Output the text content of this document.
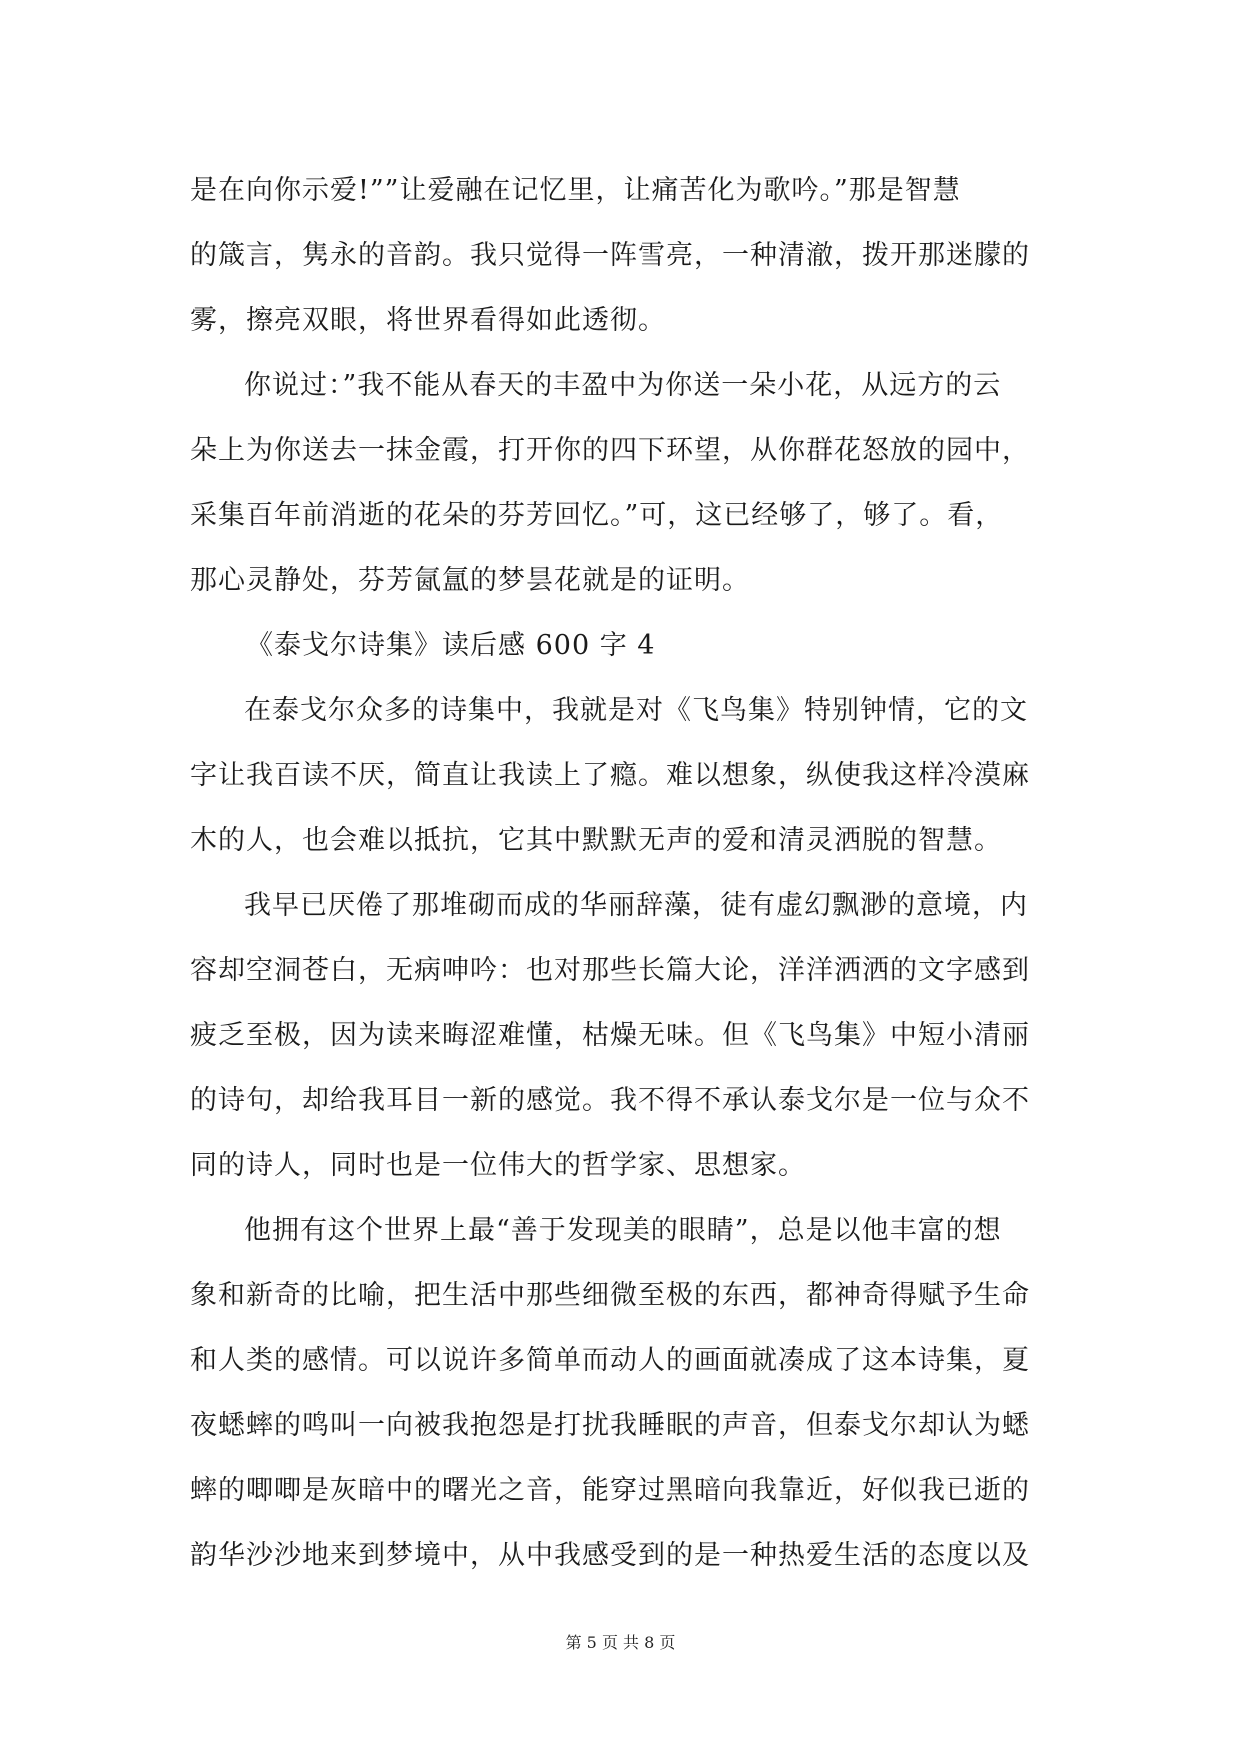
是在向你示爱!””让爱融在记忆里，让痛苦化为歌吟。”那是智慧
的箴言，隽永的音韵。我只觉得一阵雪亮，一种清澈，拨开那迷朦的
雾，擦亮双眼，将世界看得如此透彻。
你说过：”我不能从春天的丰盈中为你送一朵小花，从远方的云
朵上为你送去一抹金霞，打开你的四下环望，从你群花怒放的园中，
采集百年前消逝的花朵的芬芳回忆。”可，这已经够了，够了。看，
那心灵静处，芬芳氤氲的梦昙花就是的证明。
《泰戈尔诗集》读后感 600 字 4
在泰戈尔众多的诗集中，我就是对《飞鸟集》特别钟情，它的文
字让我百读不厌，简直让我读上了瘾。难以想象，纵使我这样冷漠麻
木的人，也会难以抵抗，它其中默默无声的爱和清灵洒脱的智慧。
我早已厌倦了那堆砌而成的华丽辞藻，徒有虚幻飘渺的意境，内
容却空洞苍白，无病呻吟：也对那些长篇大论，洋洋洒洒的文字感到
疲乏至极，因为读来晦涩难懂，枯燥无味。但《飞鸟集》中短小清丽
的诗句，却给我耳目一新的感觉。我不得不承认泰戈尔是一位与众不
同的诗人，同时也是一位伟大的哲学家、思想家。
他拥有这个世界上最“善于发现美的眼睛”，总是以他丰富的想
象和新奇的比喻，把生活中那些细微至极的东西，都神奇得赋予生命
和人类的感情。可以说许多简单而动人的画面就凑成了这本诗集，夏
夜蟋蟀的鸣叫一向被我抱怨是打扰我睡眠的声音，但泰戈尔却认为蟋
蟀的唧唧是灰暗中的曙光之音，能穿过黑暗向我靠近，好似我已逝的
韵华沙沙地来到梦境中，从中我感受到的是一种热爱生活的态度以及
第 5 页 共 8 页
